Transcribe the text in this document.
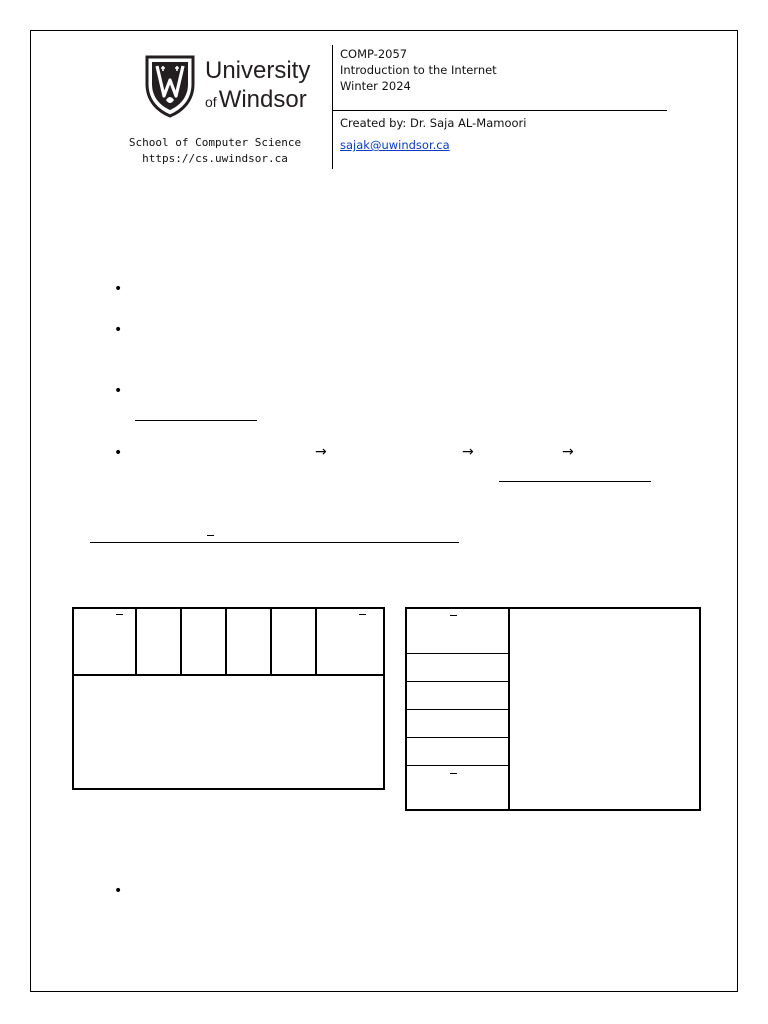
University
ofWindsor
School of Computer Science
https://cs.uwindsor.ca
COMP-2057
Introduction to the Internet
Winter 2024
Created by: Dr. Saja AL-Mamoori
sajak@uwindsor.ca
•
•
•
•	→	→	→
•
